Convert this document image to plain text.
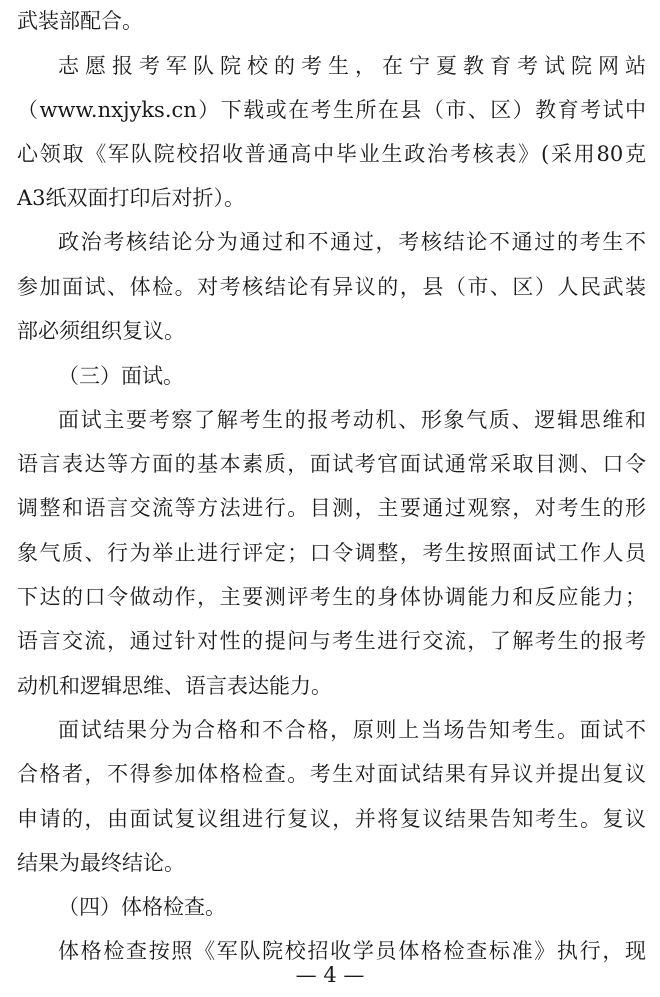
武装部配合。
志愿报考军队院校的考生，在宁夏教育考试院网站
（www.nxjyks.cn）下载或在考生所在县（市、区）教育考试中
心领取《军队院校招收普通高中毕业生政治考核表》(采用80克
A3纸双面打印后对折）。
政治考核结论分为通过和不通过，考核结论不通过的考生不
参加面试、体检。对考核结论有异议的，县（市、区）人民武装
部必须组织复议。
（三）面试。
面试主要考察了解考生的报考动机、形象气质、逻辑思维和
语言表达等方面的基本素质，面试考官面试通常采取目测、口令
调整和语言交流等方法进行。目测，主要通过观察，对考生的形
象气质、行为举止进行评定；口令调整，考生按照面试工作人员
下达的口令做动作，主要测评考生的身体协调能力和反应能力；
语言交流，通过针对性的提问与考生进行交流，了解考生的报考
动机和逻辑思维、语言表达能力。
面试结果分为合格和不合格，原则上当场告知考生。面试不
合格者，不得参加体格检查。考生对面试结果有异议并提出复议
申请的，由面试复议组进行复议，并将复议结果告知考生。复议
结果为最终结论。
（四）体格检查。
体格检查按照《军队院校招收学员体格检查标准》执行，现
— 4 —
